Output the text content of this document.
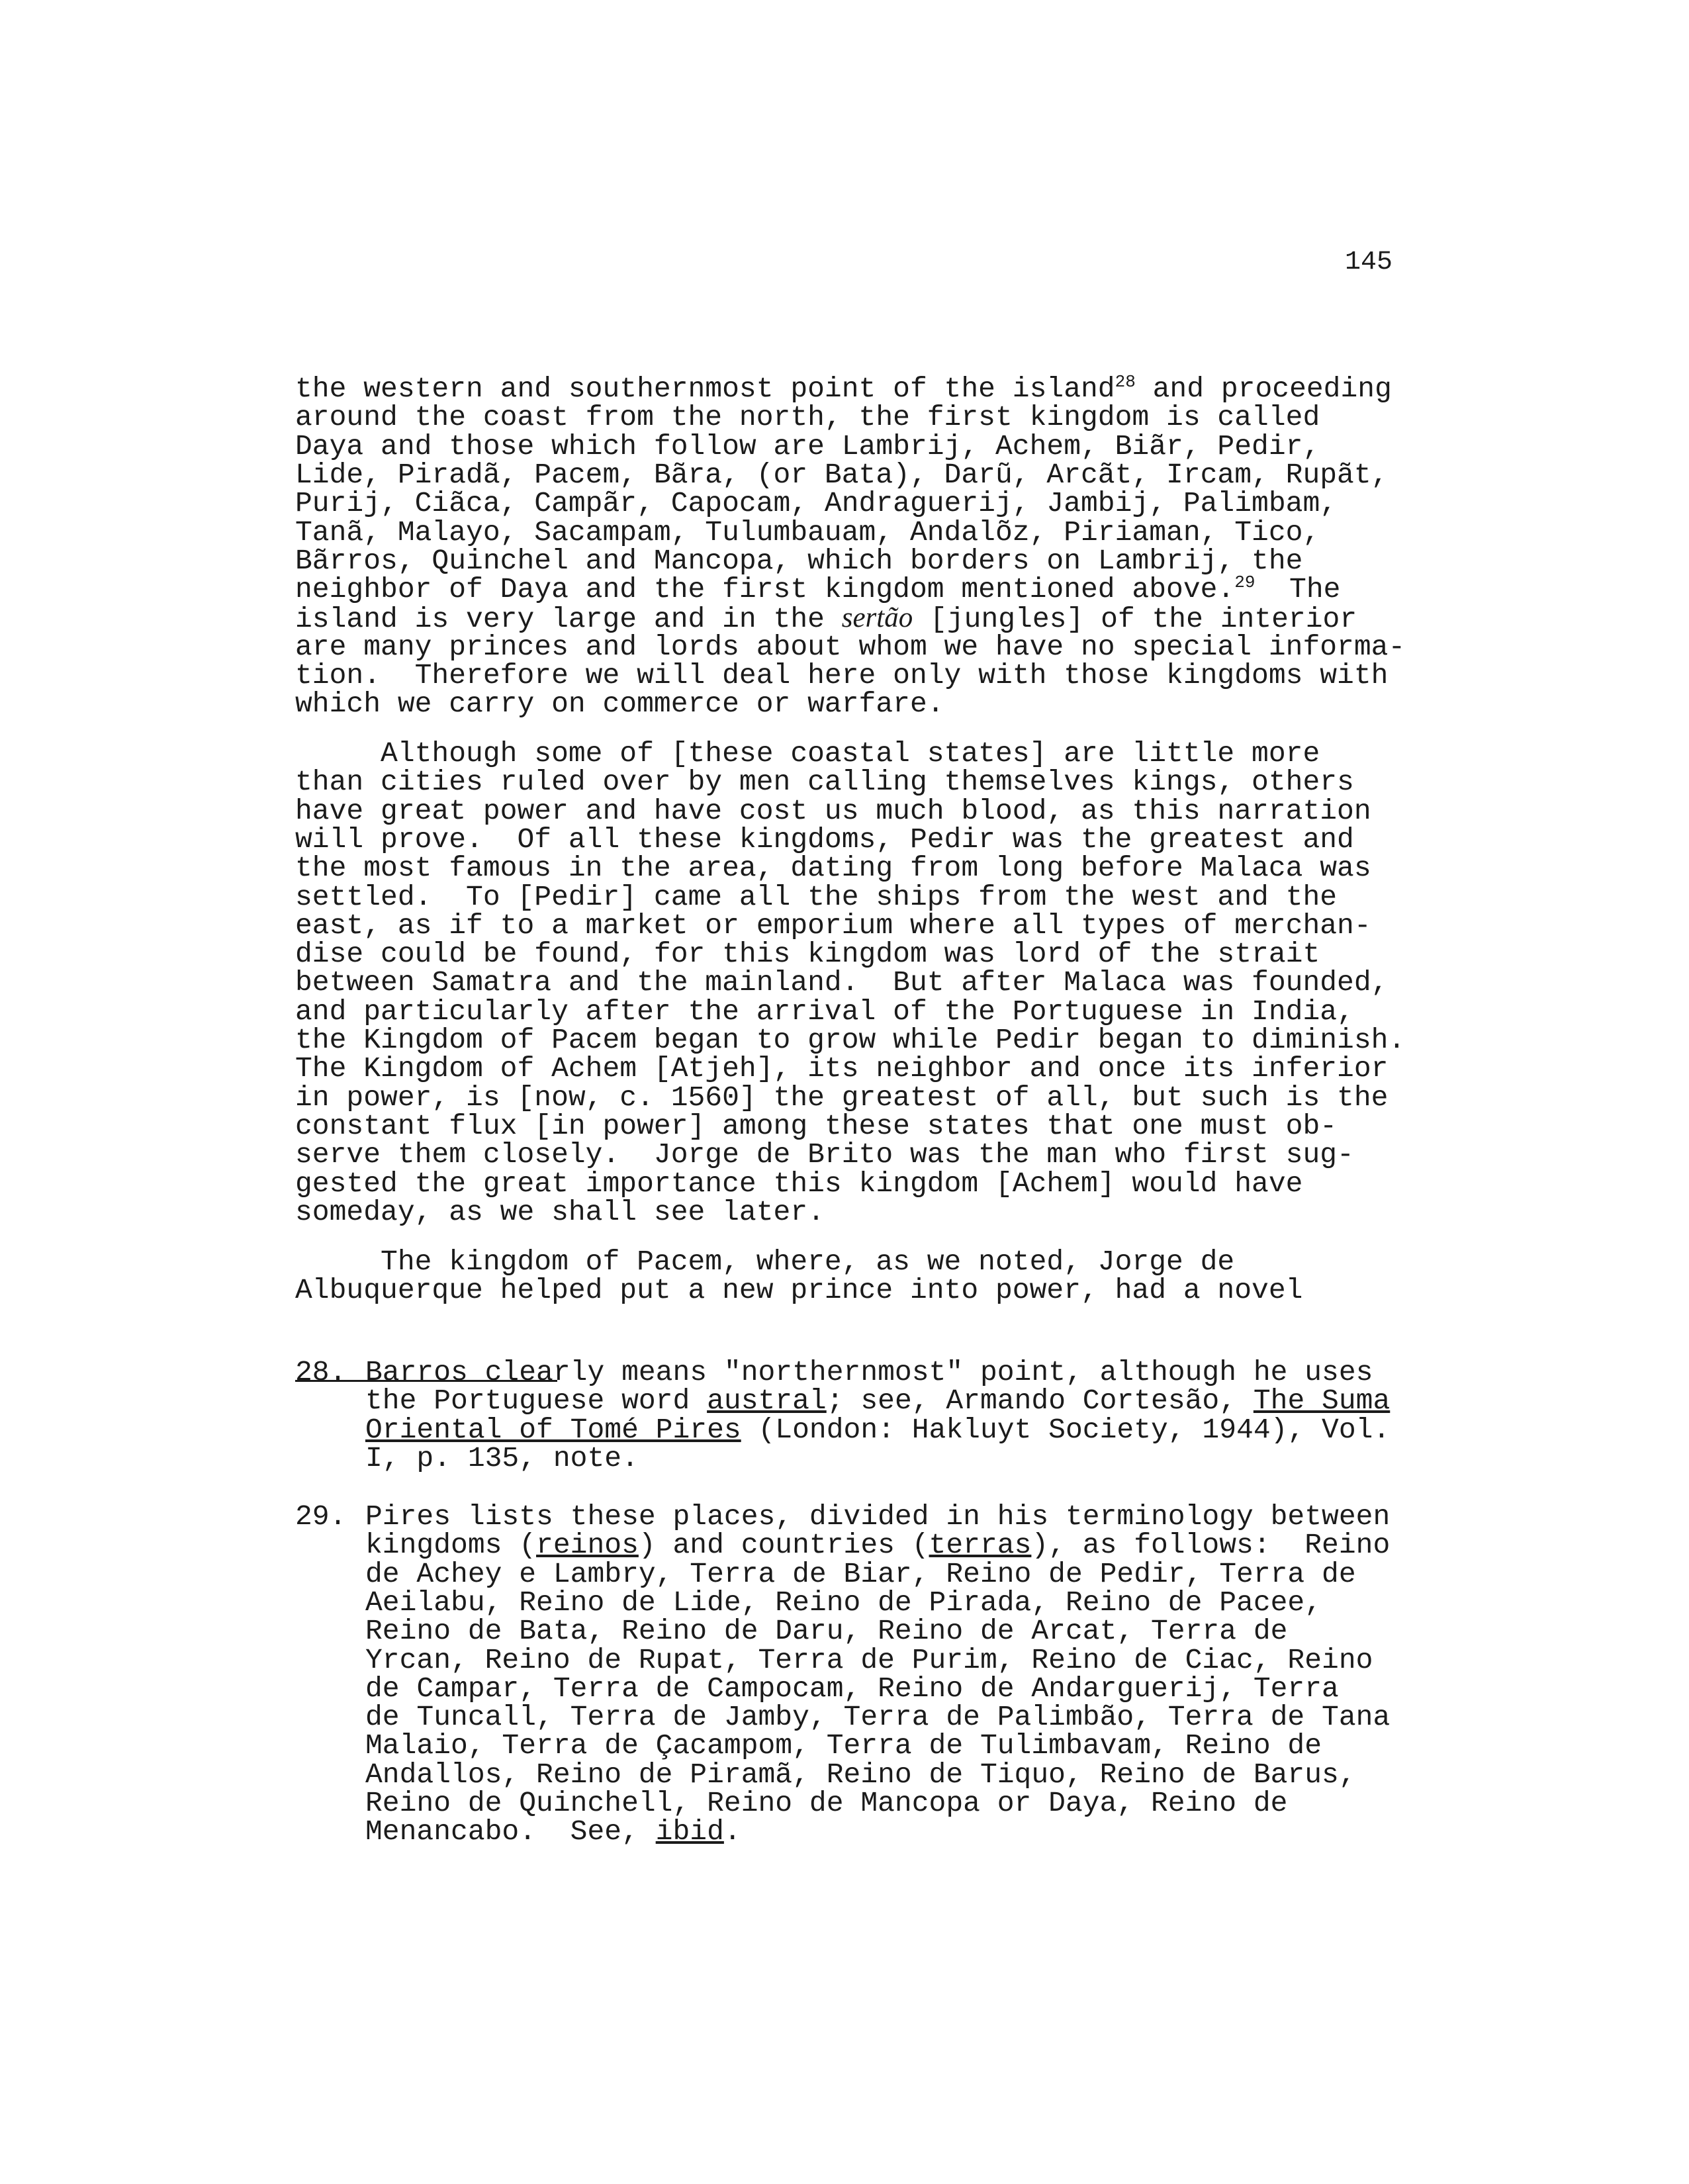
145
the western and southernmost point of the island$^{28}$ and proceeding
around the coast from the north, the first kingdom is called
Daya and those which follow are Lambrij, Achem, Biãr, Pedir,
Lide, Piradã, Pacem, Bãra, (or Bata), Darũ, Arcãt, Ircam, Rupãt,
Purij, Ciãca, Campãr, Capocam, Andraguerij, Jambij, Palimbam,
Tanã, Malayo, Sacampam, Tulumbauam, Andalõz, Piriaman, Tico,
Bãrros, Quinchel and Mancopa, which borders on Lambrij, the
neighbor of Daya and the first kingdom mentioned above.$^{29}$  The
island is very large and in the sertão [jungles] of the interior
are many princes and lords about whom we have no special informa-
tion.  Therefore we will deal here only with those kingdoms with
which we carry on commerce or warfare.
Although some of [these coastal states] are little more
than cities ruled over by men calling themselves kings, others
have great power and have cost us much blood, as this narration
will prove.  Of all these kingdoms, Pedir was the greatest and
the most famous in the area, dating from long before Malaca was
settled.  To [Pedir] came all the ships from the west and the
east, as if to a market or emporium where all types of merchan-
dise could be found, for this kingdom was lord of the strait
between Samatra and the mainland.  But after Malaca was founded,
and particularly after the arrival of the Portuguese in India,
the Kingdom of Pacem began to grow while Pedir began to diminish.
The Kingdom of Achem [Atjeh], its neighbor and once its inferior
in power, is [now, c. 1560] the greatest of all, but such is the
constant flux [in power] among these states that one must ob-
serve them closely.  Jorge de Brito was the man who first sug-
gested the great importance this kingdom [Achem] would have
someday, as we shall see later.
The kingdom of Pacem, where, as we noted, Jorge de
Albuquerque helped put a new prince into power, had a novel
28. Barros clearly means "northernmost" point, although he uses
the Portuguese word austral; see, Armando Cortesão, The Suma
Oriental of Tomé Pires (London: Hakluyt Society, 1944), Vol.
I, p. 135, note.
29. Pires lists these places, divided in his terminology between
kingdoms (reinos) and countries (terras), as follows:  Reino
de Achey e Lambry, Terra de Biar, Reino de Pedir, Terra de
Aeilabu, Reino de Lide, Reino de Pirada, Reino de Pacee,
Reino de Bata, Reino de Daru, Reino de Arcat, Terra de
Yrcan, Reino de Rupat, Terra de Purim, Reino de Ciac, Reino
de Campar, Terra de Campocam, Reino de Andarguerij, Terra
de Tuncall, Terra de Jamby, Terra de Palimbão, Terra de Tana
Malaio, Terra de Çacampom, Terra de Tulimbavam, Reino de
Andallos, Reino de Piramã, Reino de Tiquo, Reino de Barus,
Reino de Quinchell, Reino de Mancopa or Daya, Reino de
Menancabo.  See, ibid.
